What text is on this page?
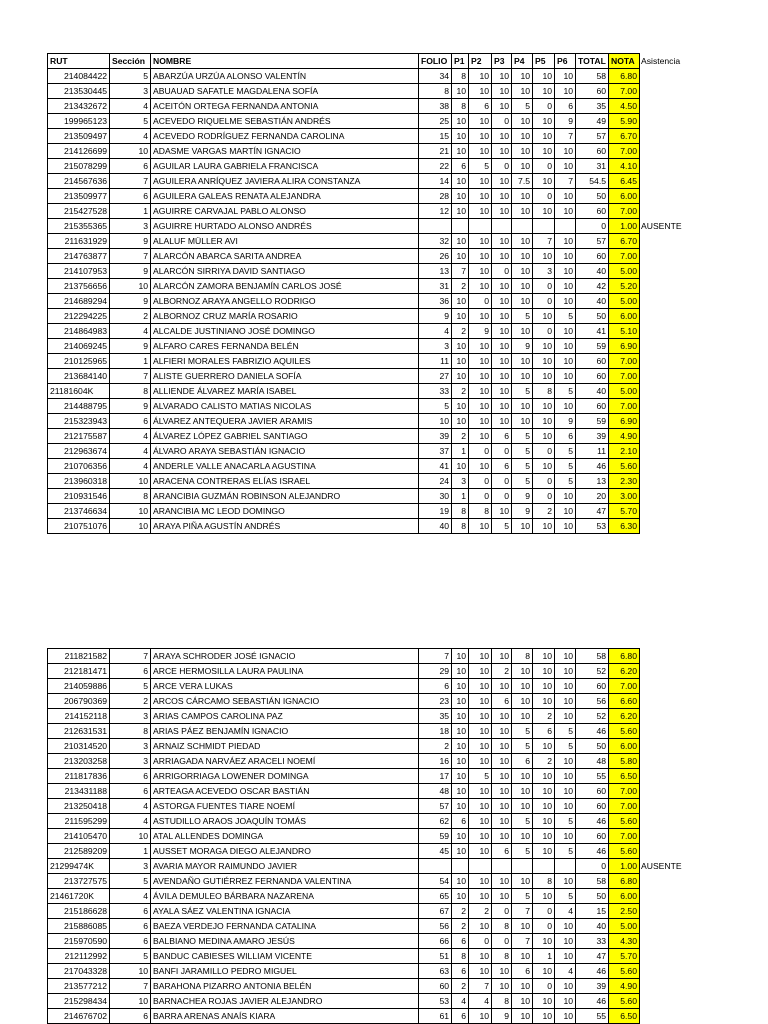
RUT	Sección	NOMBRE	FOLIO	P1	P2	P3	P4	P5	P6	TOTAL	NOTA	Asistencia
214084422	5	ABARZÚA URZÚA ALONSO VALENTÍN	34	8	10	10	10	10	10	58	6.80	
213530445	3	ABUAUAD SAFATLE MAGDALENA SOFÍA	8	10	10	10	10	10	10	60	7.00	
213432672	4	ACEITÓN ORTEGA FERNANDA ANTONIA	38	8	6	10	5	0	6	35	4.50	
199965123	5	ACEVEDO RIQUELME SEBASTIÁN ANDRÉS	25	10	10	0	10	10	9	49	5.90	
213509497	4	ACEVEDO RODRÍGUEZ FERNANDA CAROLINA	15	10	10	10	10	10	7	57	6.70	
214126699	10	ADASME VARGAS MARTÍN IGNACIO	21	10	10	10	10	10	10	60	7.00	
215078299	6	AGUILAR LAURA GABRIELA FRANCISCA	22	6	5	0	10	0	10	31	4.10	
214567636	7	AGUILERA ANRÍQUEZ JAVIERA ALIRA CONSTANZA	14	10	10	10	7.5	10	7	54.5	6.45	
213509977	6	AGUILERA GALEAS RENATA ALEJANDRA	28	10	10	10	10	0	10	50	6.00	
215427528	1	AGUIRRE CARVAJAL PABLO ALONSO	12	10	10	10	10	10	10	60	7.00	
215355365	3	AGUIRRE HURTADO ALONSO ANDRÉS								0	1.00	AUSENTE
211631929	9	ALALUF MÜLLER AVI	32	10	10	10	10	7	10	57	6.70	
214763877	7	ALARCÓN ABARCA SARITA ANDREA	26	10	10	10	10	10	10	60	7.00	
214107953	9	ALARCÓN SIRRIYA DAVID SANTIAGO	13	7	10	0	10	3	10	40	5.00	
213756656	10	ALARCÓN ZAMORA BENJAMÍN CARLOS JOSÉ	31	2	10	10	10	0	10	42	5.20	
214689294	9	ALBORNOZ ARAYA ANGELLO RODRIGO	36	10	0	10	10	0	10	40	5.00	
212294225	2	ALBORNOZ CRUZ MARÍA ROSARIO	9	10	10	10	5	10	5	50	6.00	
214864983	4	ALCALDE JUSTINIANO JOSÉ DOMINGO	4	2	9	10	10	0	10	41	5.10	
214069245	9	ALFARO CARES FERNANDA BELÉN	3	10	10	10	9	10	10	59	6.90	
210125965	1	ALFIERI MORALES FABRIZIO AQUILES	11	10	10	10	10	10	10	60	7.00	
213684140	7	ALISTE GUERRERO DANIELA SOFÍA	27	10	10	10	10	10	10	60	7.00	
21181604K	8	ALLIENDE ÁLVAREZ MARÍA ISABEL	33	2	10	10	5	8	5	40	5.00	
214488795	9	ALVARADO CALISTO MATIAS NICOLAS	5	10	10	10	10	10	10	60	7.00	
215323943	6	ÁLVAREZ ANTEQUERA JAVIER ARAMIS	10	10	10	10	10	10	9	59	6.90	
212175587	4	ÁLVAREZ LÓPEZ GABRIEL SANTIAGO	39	2	10	6	5	10	6	39	4.90	
212963674	4	ÁLVARO ARAYA SEBASTIÁN IGNACIO	37	1	0	0	5	0	5	11	2.10	
210706356	4	ANDERLE VALLE ANACARLA AGUSTINA	41	10	10	6	5	10	5	46	5.60	
213960318	10	ARACENA CONTRERAS ELÍAS ISRAEL	24	3	0	0	5	0	5	13	2.30	
210931546	8	ARANCIBIA GUZMÁN ROBINSON ALEJANDRO	30	1	0	0	9	0	10	20	3.00	
213746634	10	ARANCIBIA MC LEOD DOMINGO	19	8	8	10	9	2	10	47	5.70	
210751076	10	ARAYA PIÑA AGUSTÍN ANDRÉS	40	8	10	5	10	10	10	53	6.30	
211821582	7	ARAYA SCHRODER JOSÉ IGNACIO	7	10	10	10	8	10	10	58	6.80	
212181471	6	ARCE HERMOSILLA LAURA PAULINA	29	10	10	2	10	10	10	52	6.20	
214059886	5	ARCE VERA LUKAS	6	10	10	10	10	10	10	60	7.00	
206790369	2	ARCOS CÁRCAMO SEBASTIÁN IGNACIO	23	10	10	6	10	10	10	56	6.60	
214152118	3	ARIAS CAMPOS CAROLINA PAZ	35	10	10	10	10	2	10	52	6.20	
212631531	8	ARIAS PÁEZ BENJAMÍN IGNACIO	18	10	10	10	5	6	5	46	5.60	
210314520	3	ARNAIZ SCHMIDT PIEDAD	2	10	10	10	5	10	5	50	6.00	
213203258	3	ARRIAGADA NARVÁEZ ARACELI NOEMÍ	16	10	10	10	6	2	10	48	5.80	
211817836	6	ARRIGORRIAGA LOWENER DOMINGA	17	10	5	10	10	10	10	55	6.50	
213431188	6	ARTEAGA ACEVEDO OSCAR BASTIÁN	48	10	10	10	10	10	10	60	7.00	
213250418	4	ASTORGA FUENTES TIARE NOEMÍ	57	10	10	10	10	10	10	60	7.00	
211595299	4	ASTUDILLO ARAOS JOAQUÍN TOMÁS	62	6	10	10	5	10	5	46	5.60	
214105470	10	ATAL ALLENDES DOMINGA	59	10	10	10	10	10	10	60	7.00	
212589209	1	AUSSET MORAGA DIEGO ALEJANDRO	45	10	10	6	5	10	5	46	5.60	
21299474K	3	AVARIA MAYOR RAIMUNDO JAVIER								0	1.00	AUSENTE
213727575	5	AVENDAÑO GUTIÉRREZ FERNANDA VALENTINA	54	10	10	10	10	8	10	58	6.80	
21461720K	4	ÁVILA DEMULEO BÁRBARA NAZARENA	65	10	10	10	5	10	5	50	6.00	
215186628	6	AYALA SÁEZ VALENTINA IGNACIA	67	2	2	0	7	0	4	15	2.50	
215886085	6	BAEZA VERDEJO FERNANDA CATALINA	56	2	10	8	10	0	10	40	5.00	
215970590	6	BALBIANO MEDINA AMARO JESÚS	66	6	0	0	7	10	10	33	4.30	
212112992	5	BANDUC CABIESES WILLIAM VICENTE	51	8	10	8	10	1	10	47	5.70	
217043328	10	BANFI JARAMILLO PEDRO MIGUEL	63	6	10	10	6	10	4	46	5.60	
213577212	7	BARAHONA PIZARRO ANTONIA BELÉN	60	2	7	10	10	0	10	39	4.90	
215298434	10	BARNACHEA ROJAS JAVIER ALEJANDRO	53	4	4	8	10	10	10	46	5.60	
214676702	6	BARRA ARENAS ANAÍS KIARA	61	6	10	9	10	10	10	55	6.50	
